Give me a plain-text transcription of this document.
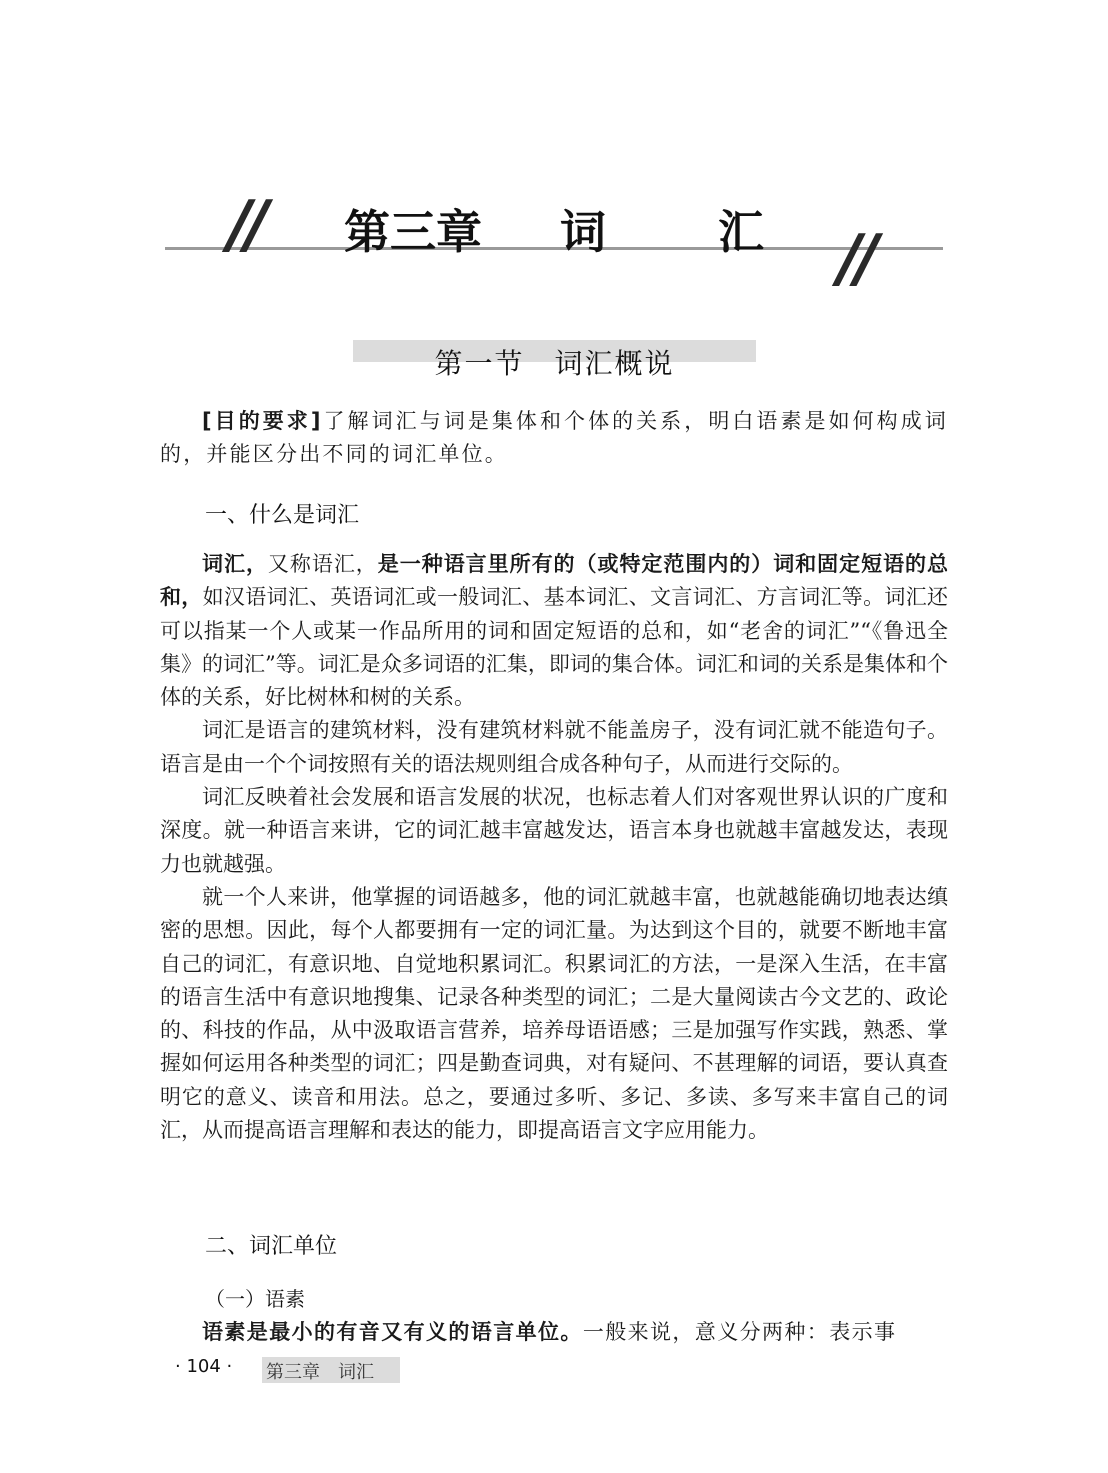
//	//
第三章 词 汇
第一节　词汇概说

[目的要求]了解词汇与词是集体和个体的关系，明白语素是如何构成词的，并能区分出不同的词汇单位。

一、什么是词汇

词汇，又称语汇，是一种语言里所有的（或特定范围内的）词和固定短语的总和，如汉语词汇、英语词汇或一般词汇、基本词汇、文言词汇、方言词汇等。词汇还可以指某一个人或某一作品所用的词和固定短语的总和，如“老舍的词汇”“《鲁迅全集》的词汇”等。词汇是众多词语的汇集，即词的集合体。词汇和词的关系是集体和个体的关系，好比树林和树的关系。

词汇是语言的建筑材料，没有建筑材料就不能盖房子，没有词汇就不能造句子。语言是由一个个词按照有关的语法规则组合成各种句子，从而进行交际的。

词汇反映着社会发展和语言发展的状况，也标志着人们对客观世界认识的广度和深度。就一种语言来讲，它的词汇越丰富越发达，语言本身也就越丰富越发达，表现力也就越强。

就一个人来讲，他掌握的词语越多，他的词汇就越丰富，也就越能确切地表达缜密的思想。因此，每个人都要拥有一定的词汇量。为达到这个目的，就要不断地丰富自己的词汇，有意识地、自觉地积累词汇。积累词汇的方法，一是深入生活，在丰富的语言生活中有意识地搜集、记录各种类型的词汇；二是大量阅读古今文艺的、政论的、科技的作品，从中汲取语言营养，培养母语语感；三是加强写作实践，熟悉、掌握如何运用各种类型的词汇；四是勤查词典，对有疑问、不甚理解的词语，要认真查明它的意义、读音和用法。总之，要通过多听、多记、多读、多写来丰富自己的词汇，从而提高语言理解和表达的能力，即提高语言文字应用能力。

二、词汇单位
（一）语素

语素是最小的有音又有义的语言单位。一般来说，意义分两种：表示事

· 104 · 第三章　词汇
